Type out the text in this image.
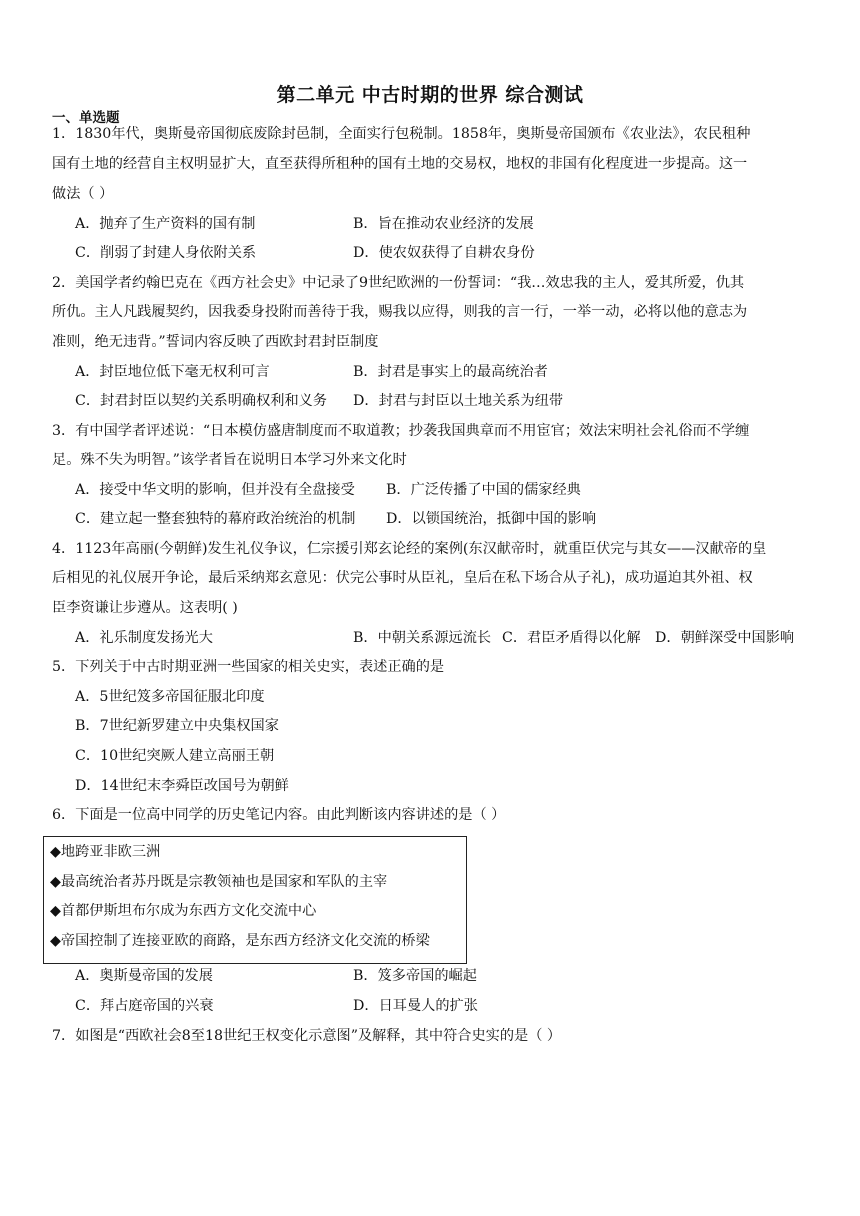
第二单元 中古时期的世界 综合测试
一、单选题
1．1830年代，奥斯曼帝国彻底废除封邑制，全面实行包税制。1858年，奥斯曼帝国颁布《农业法》，农民租种
国有土地的经营自主权明显扩大，直至获得所租种的国有土地的交易权，地权的非国有化程度进一步提高。这一
做法（ ）
A．抛弃了生产资料的国有制	B．旨在推动农业经济的发展
C．削弱了封建人身依附关系	D．使农奴获得了自耕农身份
2．美国学者约翰巴克在《西方社会史》中记录了9世纪欧洲的一份誓词：“我…效忠我的主人，爱其所爱，仇其
所仇。主人凡践履契约，因我委身投附而善待于我，赐我以应得，则我的言一行，一举一动，必将以他的意志为
准则，绝无违背。”誓词内容反映了西欧封君封臣制度
A．封臣地位低下毫无权利可言	B．封君是事实上的最高统治者
C．封君封臣以契约关系明确权利和义务 D．封君与封臣以土地关系为纽带
3．有中国学者评述说：“日本模仿盛唐制度而不取道教；抄袭我国典章而不用宦官；效法宋明社会礼俗而不学缠
足。殊不失为明智。”该学者旨在说明日本学习外来文化时
A．接受中华文明的影响，但并没有全盘接受 B．广泛传播了中国的儒家经典
C．建立起一整套独特的幕府政治统治的机制 D．以锁国统治，抵御中国的影响
4．1123年高丽(今朝鲜)发生礼仪争议，仁宗援引郑玄论经的案例(东汉献帝时，就重臣伏完与其女——汉献帝的皇
后相见的礼仪展开争论，最后采纳郑玄意见：伏完公事时从臣礼，皇后在私下场合从子礼)，成功逼迫其外祖、权
臣李资谦让步遵从。这表明( )
A．礼乐制度发扬光大	B．中朝关系源远流长 C．君臣矛盾得以化解 D．朝鲜深受中国影响
5．下列关于中古时期亚洲一些国家的相关史实，表述正确的是
A．5世纪笈多帝国征服北印度
B．7世纪新罗建立中央集权国家
C．10世纪突厥人建立高丽王朝
D．14世纪末李舜臣改国号为朝鲜
6．下面是一位高中同学的历史笔记内容。由此判断该内容讲述的是（ ）
◆地跨亚非欧三洲
◆最高统治者苏丹既是宗教领袖也是国家和军队的主宰
◆首都伊斯坦布尔成为东西方文化交流中心
◆帝国控制了连接亚欧的商路，是东西方经济文化交流的桥梁
A．奥斯曼帝国的发展	B．笈多帝国的崛起
C．拜占庭帝国的兴衰	D．日耳曼人的扩张
7．如图是“西欧社会8至18世纪王权变化示意图”及解释，其中符合史实的是（ ）
